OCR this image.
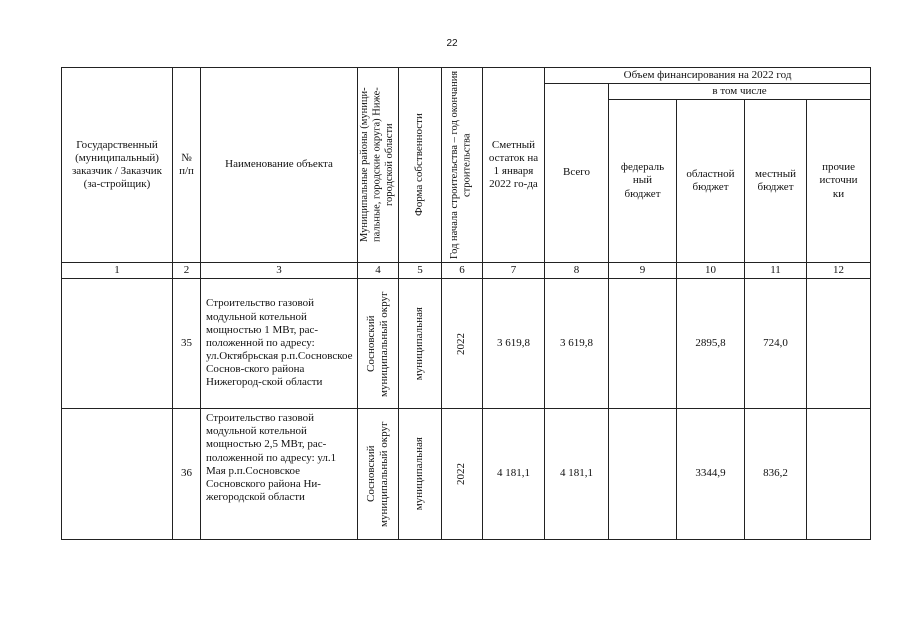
22
Государственный (муниципальный) заказчик / Заказчик (за-стройщик)	№ п/п	Наименование объекта	Муниципальные районы (муници-пальные, городские округа) Ниже-городской области	Форма собственности	Год начала строительства – год окончания строительства	Сметный остаток на 1 января 2022 го-да	Объем финансирования на 2022 год				

							Всего	в том числе			

								федераль ный бюджет	областной бюджет	местный бюджет	прочие источни ки

1	2	3	4	5	6	7	8	9	10	11	12
	35	Строительство газовой модульной котельной мощностью 1 МВт, рас-положенной по адресу: ул.Октябрьская р.п.Сосновское Соснов-ского района Нижегород-ской области	Сосновский муниципальный округ	муниципальная	2022	3 619,8	3 619,8		2895,8	724,0	
	36	Строительство газовой модульной котельной мощностью 2,5 МВт, рас-положенной по адресу: ул.1 Мая р.п.Сосновское Сосновского района Ни-жегородской области	Сосновский муниципальный округ	муниципальная	2022	4 181,1	4 181,1		3344,9	836,2	
